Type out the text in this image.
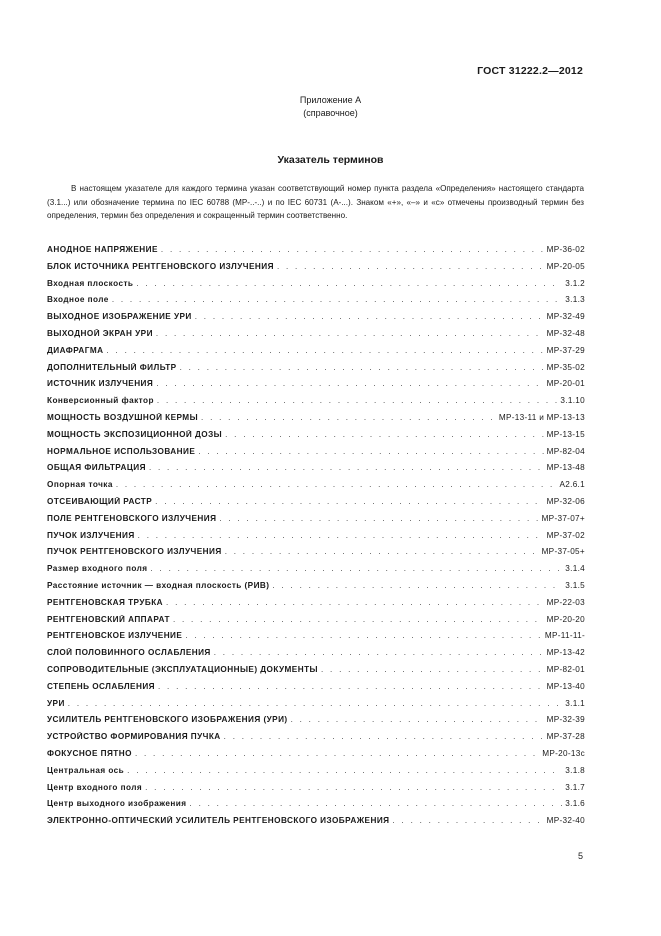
ГОСТ 31222.2—2012
Приложение А
(справочное)
Указатель терминов
В настоящем указателе для каждого термина указан соответствующий номер пункта раздела «Определения» настоящего стандарта (3.1...) или обозначение термина по IEC 60788 (МР-..-..) и по IEC 60731 (А-...). Знаком «+», «–» и «с» отмечены производный термин без определения, термин без определения и сокращенный термин соответственно.
АНОДНОЕ НАПРЯЖЕНИЕ . . .	МР-36-02
БЛОК ИСТОЧНИКА РЕНТГЕНОВСКОГО ИЗЛУЧЕНИЯ . . .	МР-20-05
Входная плоскость . . .	3.1.2
Входное поле . . .	3.1.3
ВЫХОДНОЕ ИЗОБРАЖЕНИЕ УРИ . . .	МР-32-49
ВЫХОДНОЙ ЭКРАН УРИ . . .	МР-32-48
ДИАФРАГМА . . .	МР-37-29
ДОПОЛНИТЕЛЬНЫЙ ФИЛЬТР . . .	МР-35-02
ИСТОЧНИК ИЗЛУЧЕНИЯ . . .	МР-20-01
Конверсионный фактор . . .	3.1.10
МОЩНОСТЬ ВОЗДУШНОЙ КЕРМЫ . . .	МР-13-11 и МР-13-13
МОЩНОСТЬ ЭКСПОЗИЦИОННОЙ ДОЗЫ . . .	МР-13-15
НОРМАЛЬНОЕ ИСПОЛЬЗОВАНИЕ . . .	МР-82-04
ОБЩАЯ ФИЛЬТРАЦИЯ . . .	МР-13-48
Опорная точка . . .	А2.6.1
ОТСЕИВАЮЩИЙ РАСТР . . .	МР-32-06
ПОЛЕ РЕНТГЕНОВСКОГО ИЗЛУЧЕНИЯ . . .	МР-37-07+
ПУЧОК ИЗЛУЧЕНИЯ . . .	МР-37-02
ПУЧОК РЕНТГЕНОВСКОГО ИЗЛУЧЕНИЯ . . .	МР-37-05+
Размер входного поля . . .	3.1.4
Расстояние источник — входная плоскость (РИВ) . . .	3.1.5
РЕНТГЕНОВСКАЯ ТРУБКА . . .	МР-22-03
РЕНТГЕНОВСКИЙ АППАРАТ . . .	МР-20-20
РЕНТГЕНОВСКОЕ ИЗЛУЧЕНИЕ . . .	МР-11-11-
СЛОЙ ПОЛОВИННОГО ОСЛАБЛЕНИЯ . . .	МР-13-42
СОПРОВОДИТЕЛЬНЫЕ (ЭКСПЛУАТАЦИОННЫЕ) ДОКУМЕНТЫ . . .	МР-82-01
СТЕПЕНЬ ОСЛАБЛЕНИЯ . . .	МР-13-40
УРИ . . .	3.1.1
УСИЛИТЕЛЬ РЕНТГЕНОВСКОГО ИЗОБРАЖЕНИЯ (УРИ) . . .	МР-32-39
УСТРОЙСТВО ФОРМИРОВАНИЯ ПУЧКА . . .	МР-37-28
ФОКУСНОЕ ПЯТНО . . .	МР-20-13с
Центральная ось . . .	3.1.8
Центр входного поля . . .	3.1.7
Центр выходного изображения . . .	3.1.6
ЭЛЕКТРОННО-ОПТИЧЕСКИЙ УСИЛИТЕЛЬ РЕНТГЕНОВСКОГО ИЗОБРАЖЕНИЯ . . .	МР-32-40
5
